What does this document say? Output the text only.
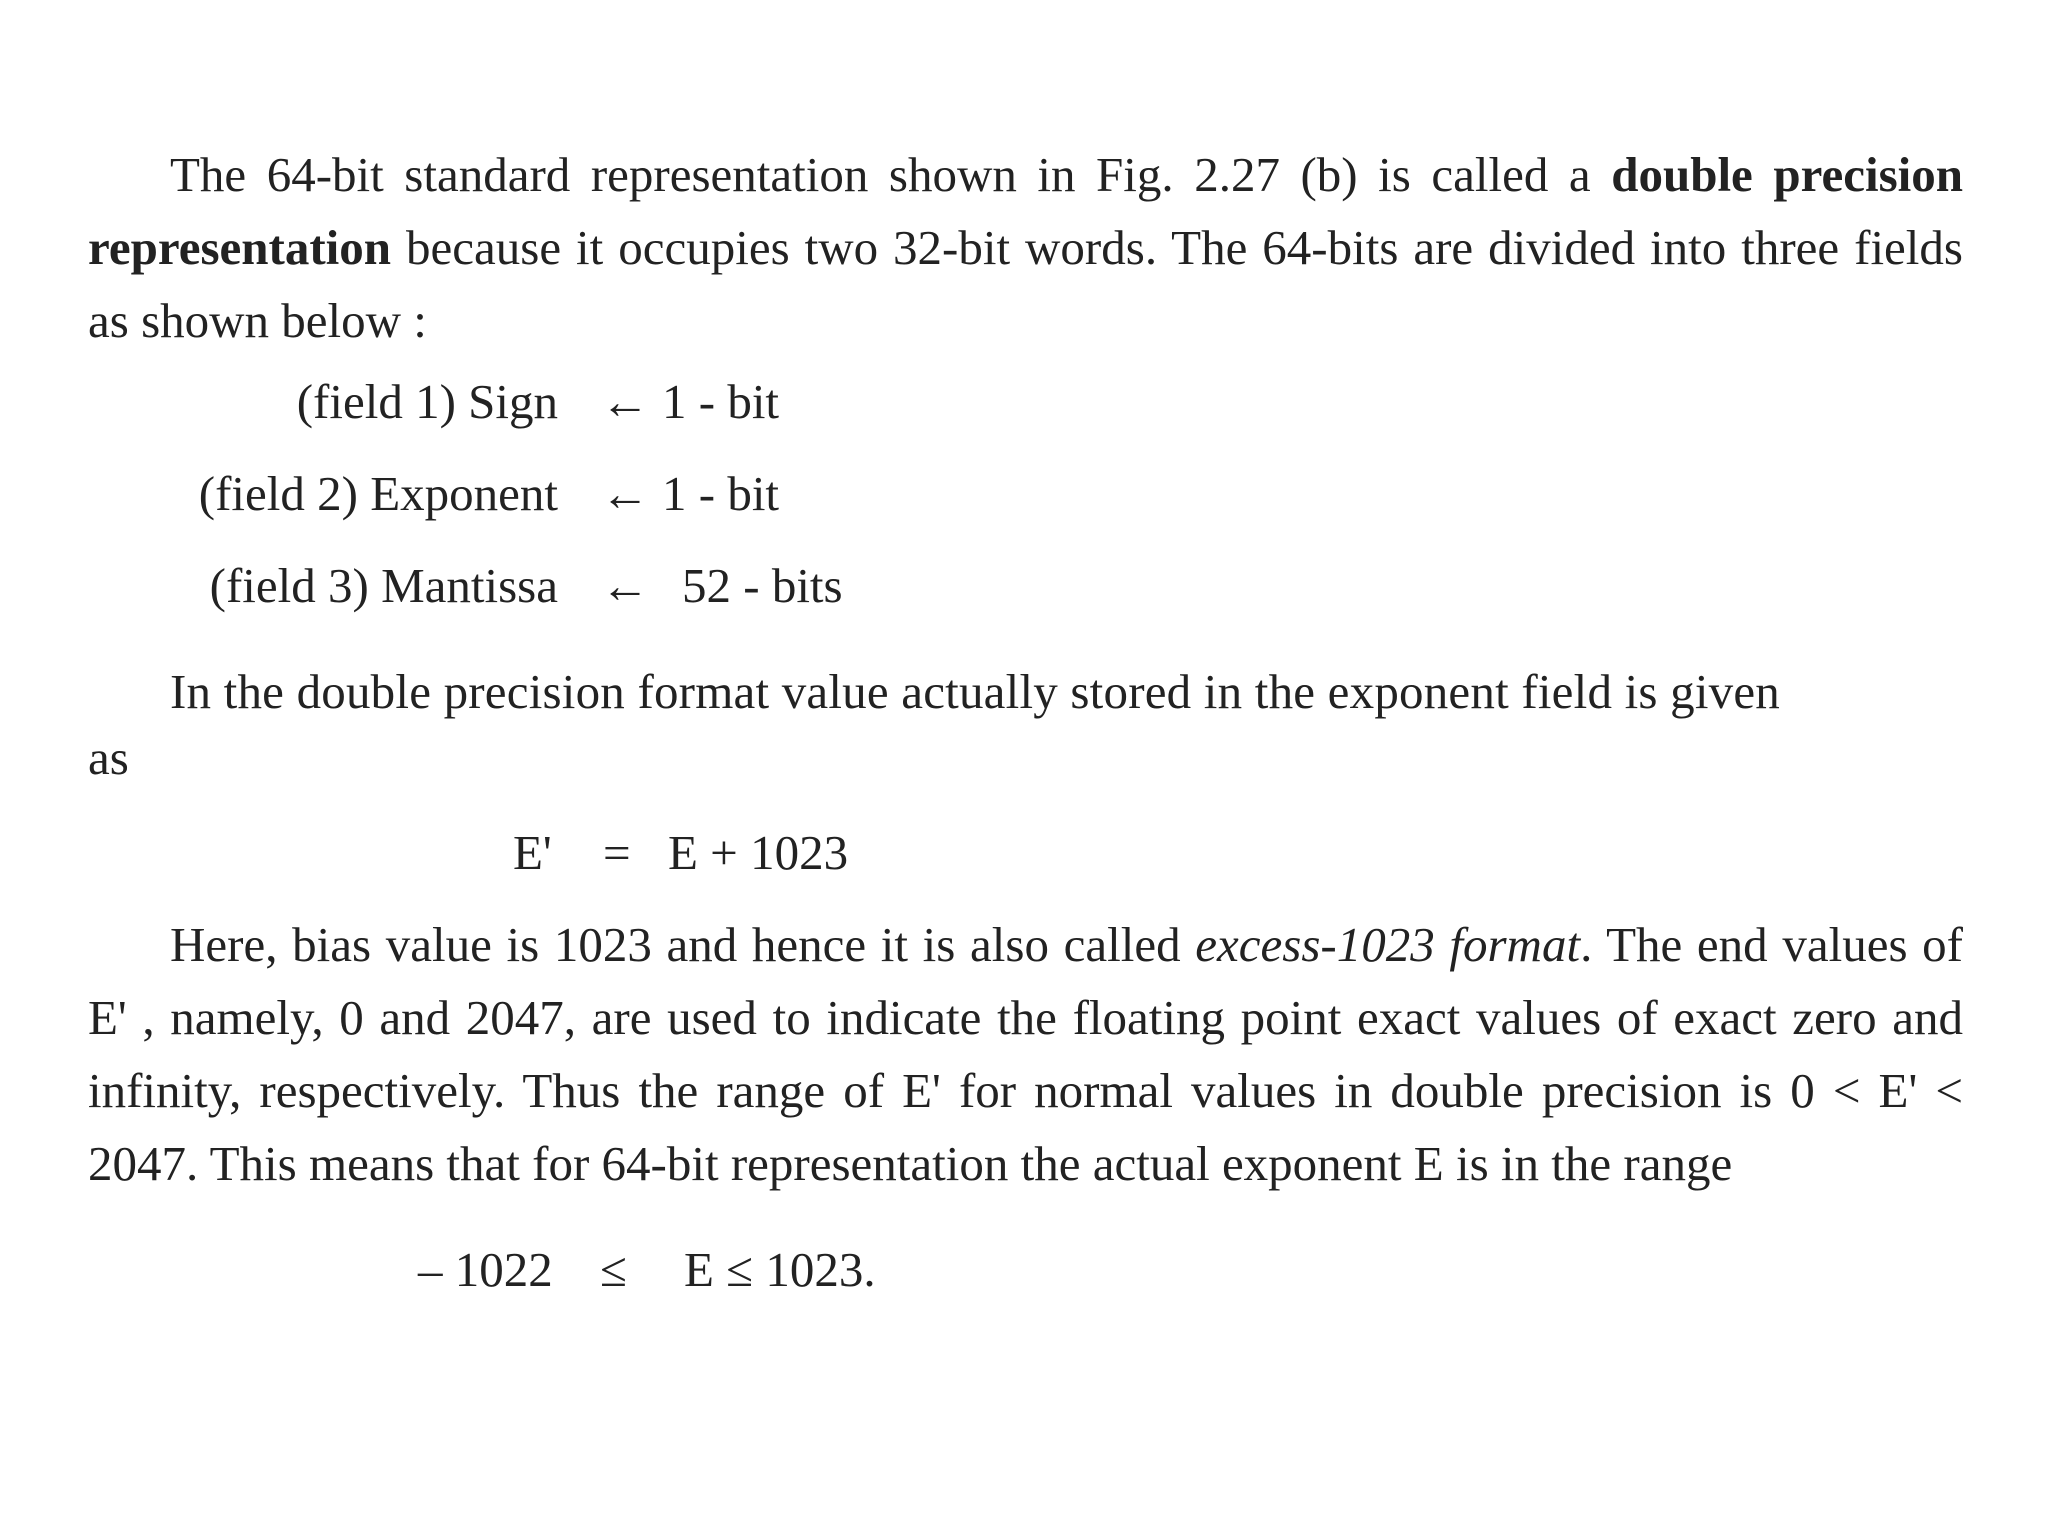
The 64-bit standard representation shown in Fig. 2.27 (b) is called a double precision representation because it occupies two 32-bit words. The 64-bits are divided into three fields as shown below :

(field 1) Sign ← 1 - bit
(field 2) Exponent ← 1 - bit
(field 3) Mantissa ← 52 - bits

In the double precision format value actually stored in the exponent field is given

as

E' = E + 1023

Here, bias value is 1023 and hence it is also called excess-1023 format. The end values of E' , namely, 0 and 2047, are used to indicate the floating point exact values of exact zero and infinity, respectively. Thus the range of E' for normal values in double precision is 0 < E' < 2047. This means that for 64-bit representation the actual exponent E is in the range

– 1022 ≤ E ≤ 1023.
